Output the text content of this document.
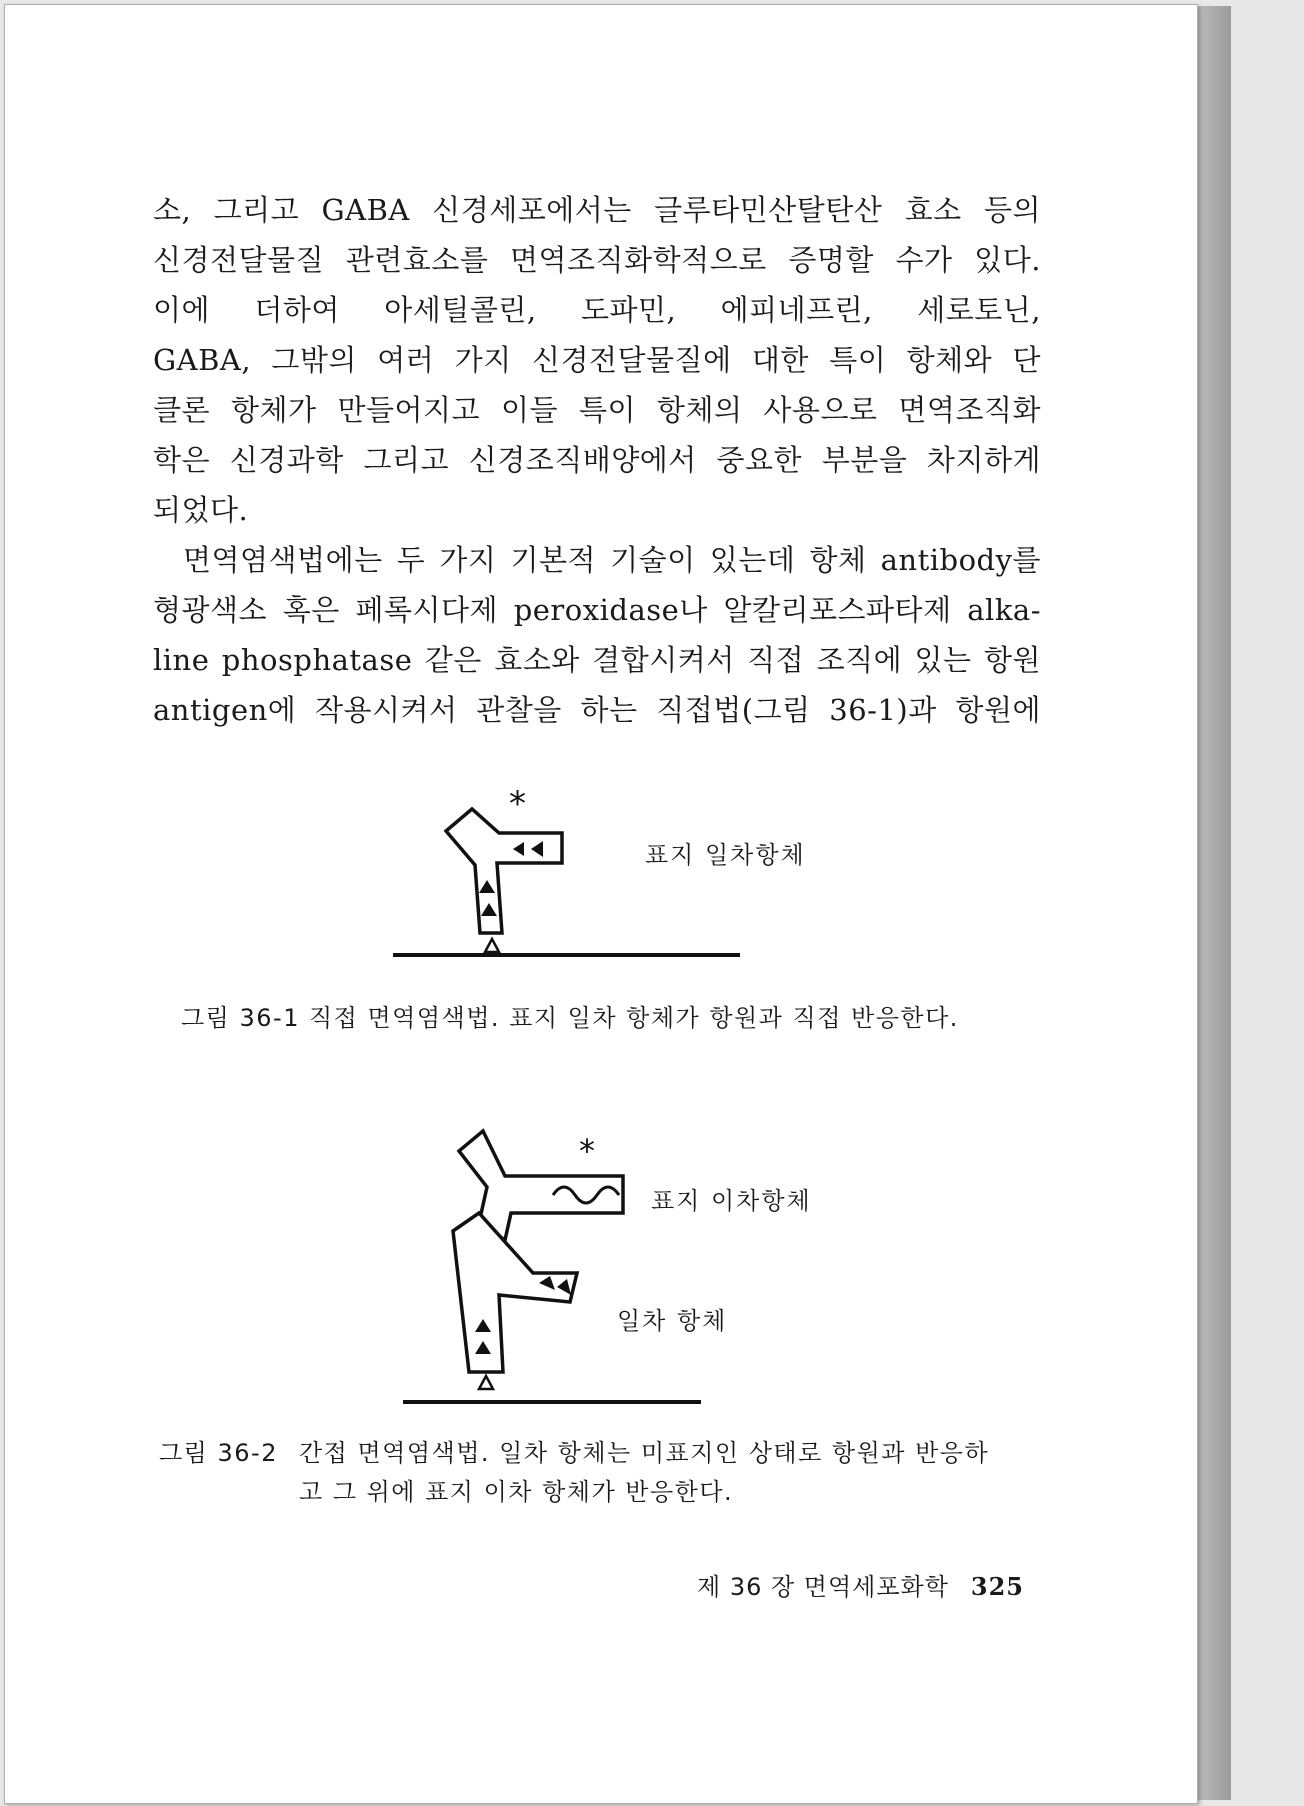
소, 그리고 GABA 신경세포에서는 글루타민산탈탄산 효소 등의
신경전달물질 관련효소를 면역조직화학적으로 증명할 수가 있다.
이에 더하여 아세틸콜린, 도파민, 에피네프린, 세로토닌,
GABA, 그밖의 여러 가지 신경전달물질에 대한 특이 항체와 단
클론 항체가 만들어지고 이들 특이 항체의 사용으로 면역조직화
학은 신경과학 그리고 신경조직배양에서 중요한 부분을 차지하게
되었다.
면역염색법에는 두 가지 기본적 기술이 있는데 항체 antibody를
형광색소 혹은 페록시다제 peroxidase나 알칼리포스파타제 alka-
line phosphatase 같은 효소와 결합시켜서 직접 조직에 있는 항원
antigen에 작용시켜서 관찰을 하는 직접법(그림 36-1)과 항원에
*
표지 일차항체
그림 36-1 직접 면역염색법. 표지 일차 항체가 항원과 직접 반응한다.
*
표지 이차항체
일차 항체
그림 36-2 간접 면역염색법. 일차 항체는 미표지인 상태로 항원과 반응하
고 그 위에 표지 이차 항체가 반응한다.
제 36 장 면역세포화학 325
